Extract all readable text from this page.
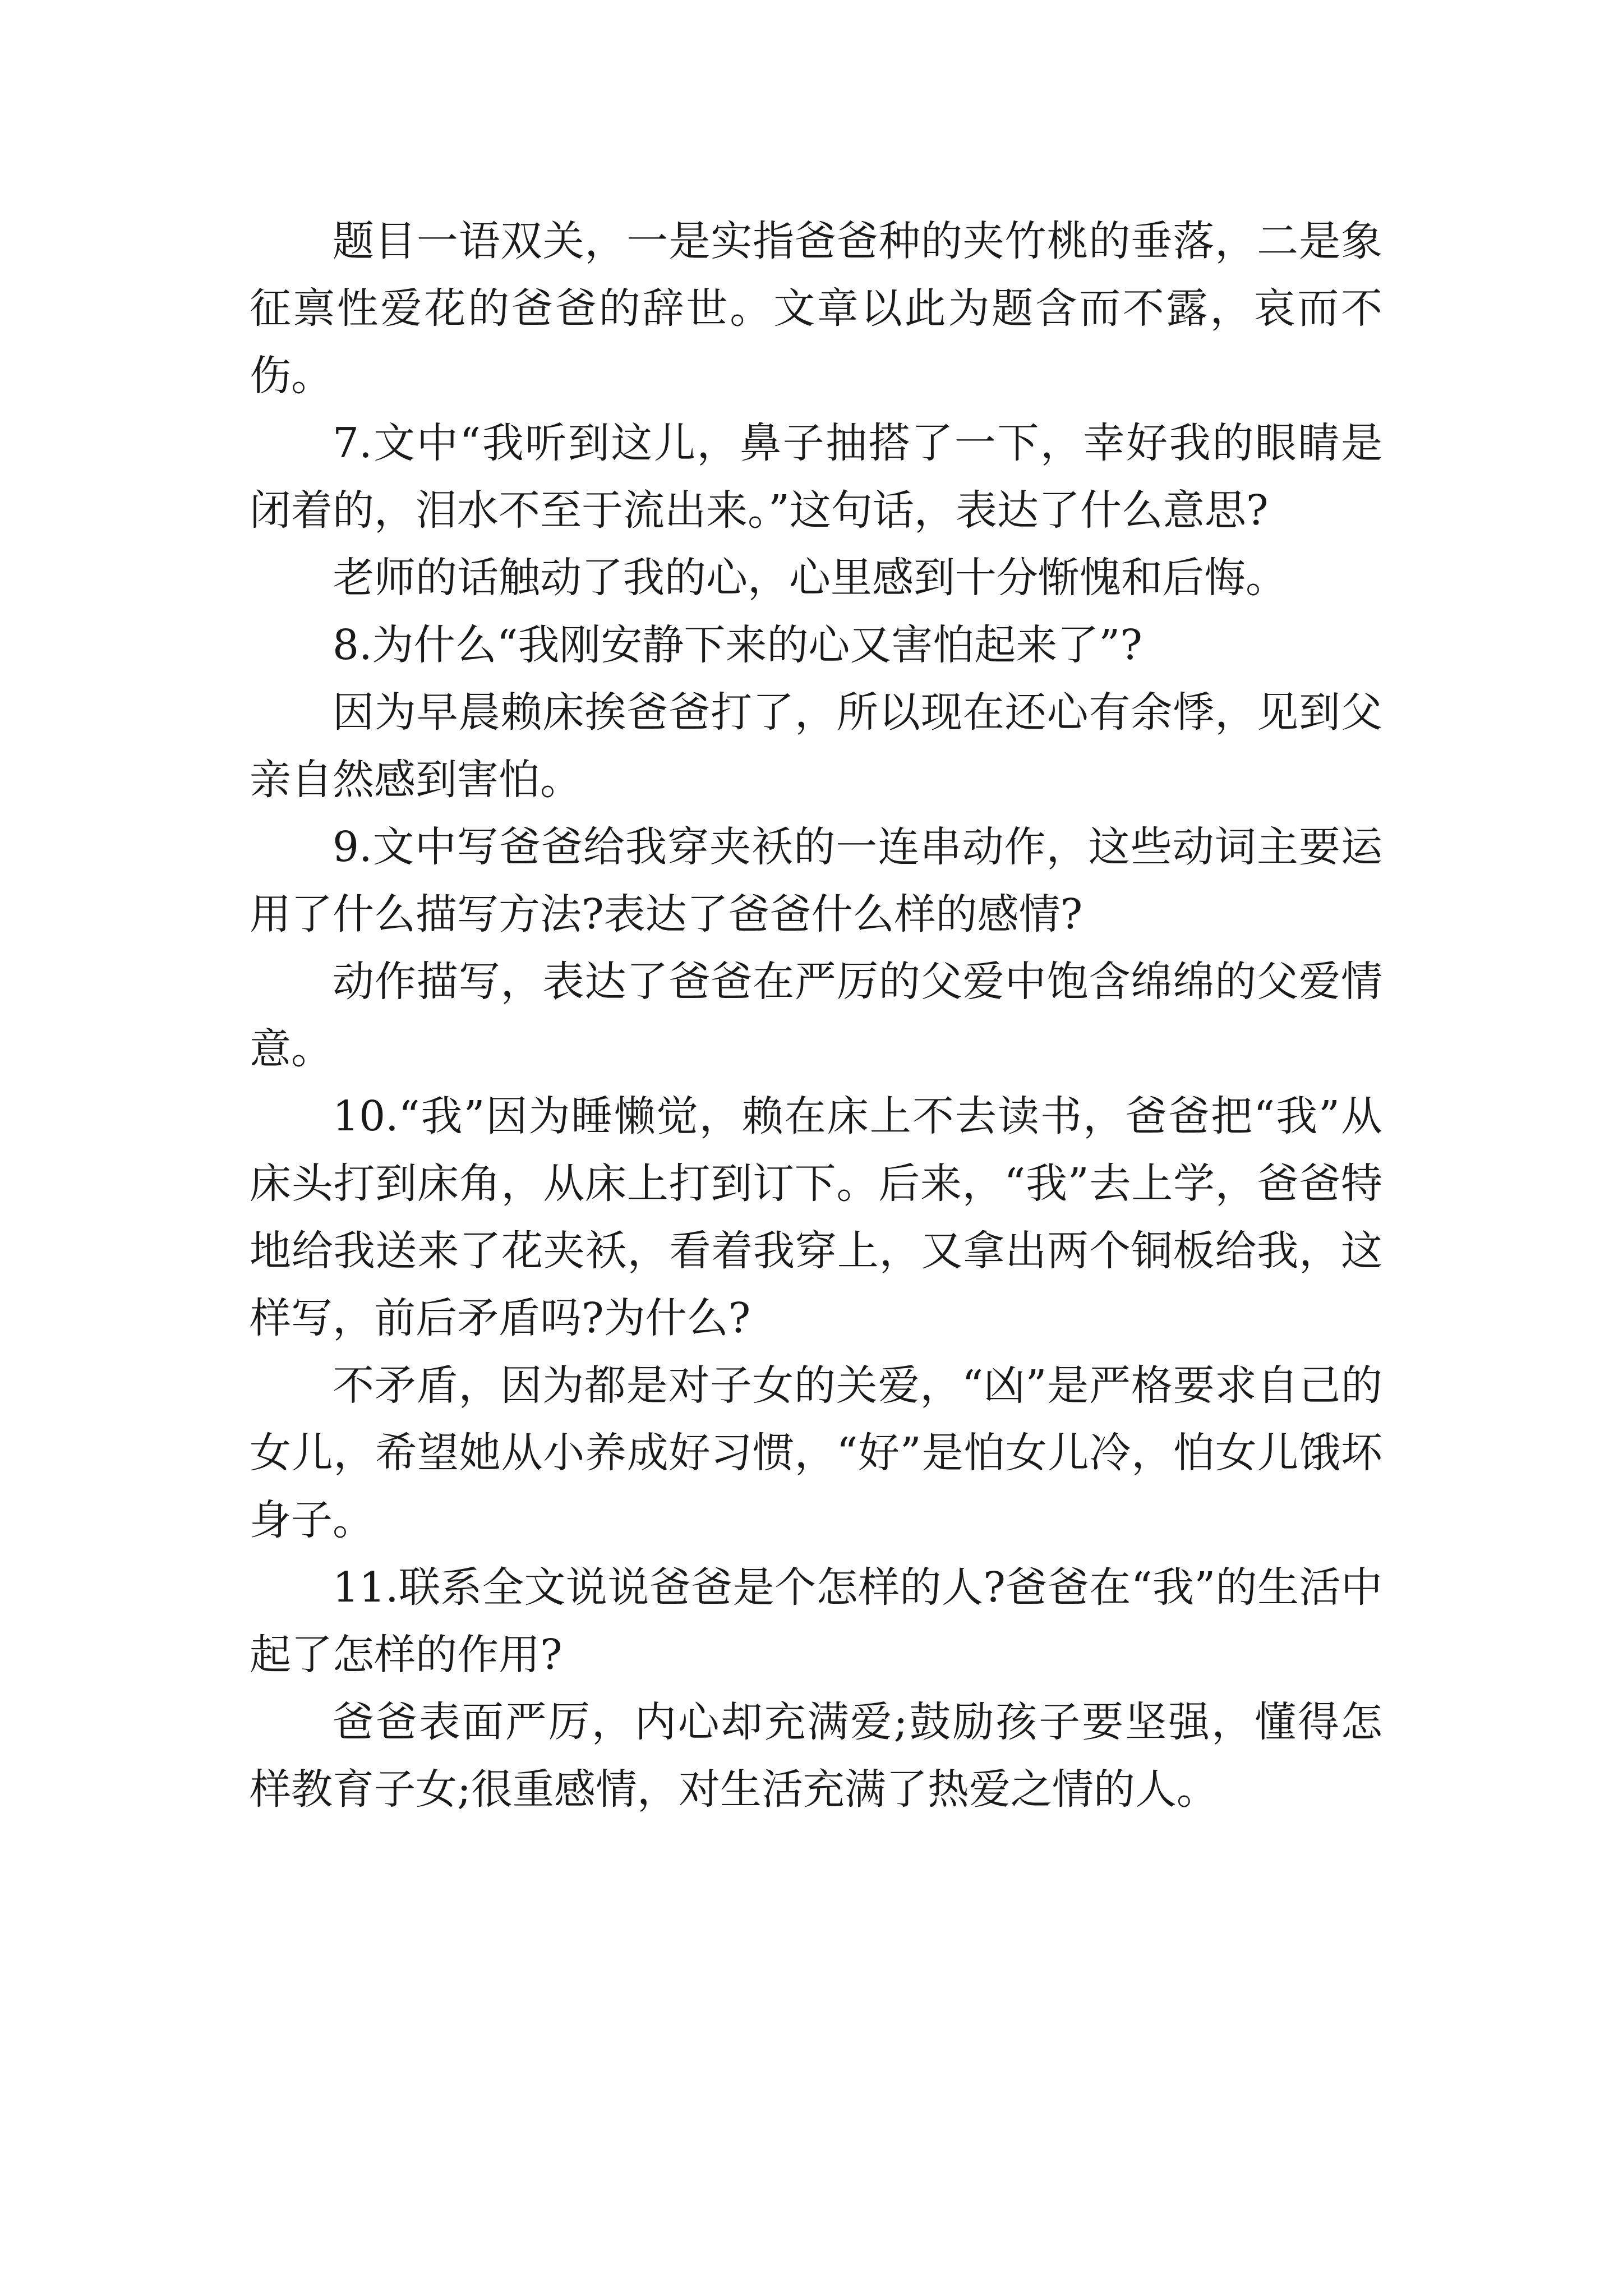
题目一语双关，一是实指爸爸种的夹竹桃的垂落，二是象征禀性爱花的爸爸的辞世。文章以此为题含而不露，哀而不伤。

7.文中“我听到这儿，鼻子抽搭了一下，幸好我的眼睛是闭着的，泪水不至于流出来。”这句话，表达了什么意思?

老师的话触动了我的心，心里感到十分惭愧和后悔。

8.为什么“我刚安静下来的心又害怕起来了”?

因为早晨赖床挨爸爸打了，所以现在还心有余悸，见到父亲自然感到害怕。

9.文中写爸爸给我穿夹袄的一连串动作，这些动词主要运用了什么描写方法?表达了爸爸什么样的感情?

动作描写，表达了爸爸在严厉的父爱中饱含绵绵的父爱情意。

10.“我”因为睡懒觉，赖在床上不去读书，爸爸把“我”从床头打到床角，从床上打到订下。后来，“我”去上学，爸爸特地给我送来了花夹袄，看着我穿上，又拿出两个铜板给我，这样写，前后矛盾吗?为什么?

不矛盾，因为都是对子女的关爱，“凶”是严格要求自己的女儿，希望她从小养成好习惯，“好”是怕女儿冷，怕女儿饿坏身子。

11.联系全文说说爸爸是个怎样的人?爸爸在“我”的生活中起了怎样的作用?

爸爸表面严厉，内心却充满爱;鼓励孩子要坚强，懂得怎样教育子女;很重感情，对生活充满了热爱之情的人。
